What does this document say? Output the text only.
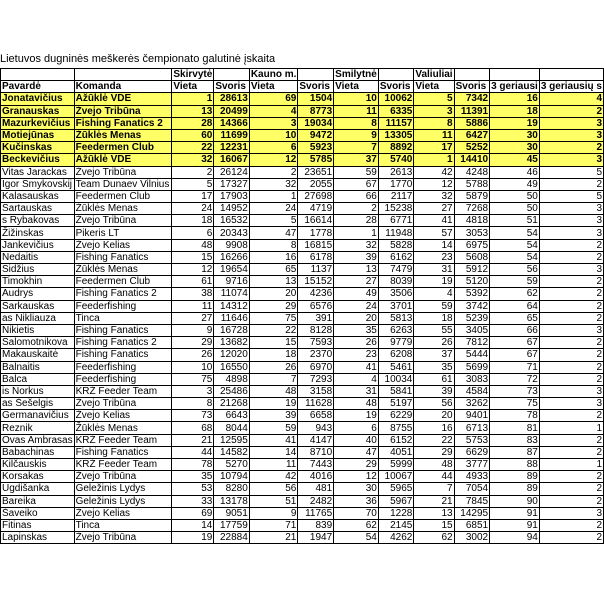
Lietuvos dugninės meškerės čempionato galutinė įskaita
		Skirvytė		Kauno m.		Smilytnė		Valiuliai			
Pavardė	Komanda	Vieta	Svoris	Vieta	Svoris	Vieta	Svoris	Vieta	Svoris	3 geriausi	3 geriausių s
Jonatavičius	Ažūklė VDE	1	28613	69	1504	10	10062	5	7342	16	4
Granauskas	Žvejo Tribūna	13	20499	4	8773	11	6335	3	11391	18	2
Mazurkevičius	Fishing Fanatics 2	28	14366	3	19034	8	11157	8	5886	19	3
Motiejūnas	Žūklės Menas	60	11699	10	9472	9	13305	11	6427	30	3
Kučinskas	Feedermen Club	22	12231	6	5923	7	8892	17	5252	30	2
Beckevičius	Ažūklė VDE	32	16067	12	5785	37	5740	1	14410	45	3
Vitas Jarackas	Žvejo Tribūna	2	26124	2	23651	59	2613	42	4248	46	5
Igor Smykovskij	Team Dunaev Vilnius	5	17327	32	2055	67	1770	12	5788	49	2
Kalasauskas	Feedermen Club	17	17903	1	27698	66	2117	32	5879	50	5
Sartauskas	Žūklės Menas	24	14952	24	4719	2	15238	27	7268	50	3
s Rybakovas	Žvejo Tribūna	18	16532	5	16614	28	6771	41	4818	51	3
Žižinskas	Pikeris LT	6	20343	47	1778	1	11948	57	3053	54	3
Jankevičius	Žvejo Kelias	48	9908	8	16815	32	5828	14	6975	54	2
Nedaitis	Fishing Fanatics	15	16266	16	6178	39	6162	23	5608	54	2
Sidžius	Žūklės Menas	12	19654	65	1137	13	7479	31	5912	56	3
Timokhin	Feedermen Club	61	9716	13	15152	27	8039	19	5120	59	2
Audrys	Fishing Fanatics 2	38	11074	20	4236	49	3506	4	5392	62	2
Sarkauskas	Feederfishing	11	14312	29	6576	24	3701	59	3742	64	2
as Nikliauza	Tinca	27	11646	75	391	20	5813	18	5239	65	2
Nikietis	Fishing Fanatics	9	16728	22	8128	35	6263	55	3405	66	3
Salomotnikova	Fishing Fanatics 2	29	13682	15	7593	26	9779	26	7812	67	2
Makauskaitė	Fishing Fanatics	26	12020	18	2370	23	6208	37	5444	67	2
Balnaitis	Feederfishing	10	16550	26	6970	41	5461	35	5699	71	2
Balca	Feederfishing	75	4898	7	7293	4	10034	61	3083	72	2
is Norkus	KRŽ Feeder Team	3	25486	48	3158	31	5841	39	4584	73	3
as Šešelgis	Žvejo Tribūna	8	21268	19	11628	48	5197	56	3262	75	3
Germanavičius	Žvejo Kelias	73	6643	39	6658	19	6229	20	9401	78	2
Reznik	Žūklės Menas	68	8044	59	943	6	8755	16	6713	81	1
Ovas Ambrasas	KRŽ Feeder Team	21	12595	41	4147	40	6152	22	5753	83	2
Babachinas	Fishing Fanatics	44	14582	14	8710	47	4051	29	6629	87	2
Kilčauskis	KRŽ Feeder Team	78	5270	11	7443	29	5999	48	3777	88	1
Korsakas	Žvejo Tribūna	35	10794	42	4016	12	10067	44	4933	89	2
Ugdišanka	Geležinis Lydys	53	8280	56	481	30	5965	7	7054	89	2
Bareika	Geležinis Lydys	33	13178	51	2482	36	5967	21	7845	90	2
Šaveiko	Žvejo Kelias	69	9051	9	11765	70	1228	13	14295	91	3
Fitinas	Tinca	14	17759	71	839	62	2145	15	6851	91	2
Lapinskas	Žvejo Tribūna	19	22884	21	1947	54	4262	62	3002	94	2
